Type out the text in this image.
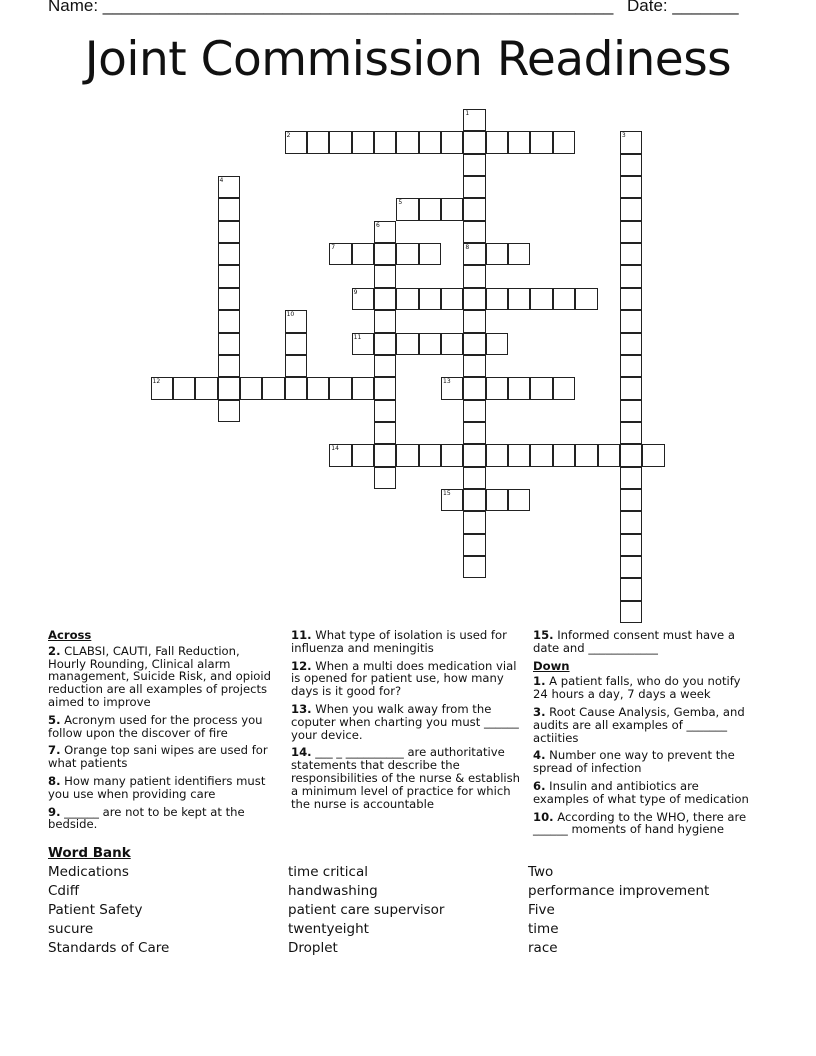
Name: ______________________________________________________ Date: _______
Joint Commission Readiness
1
8
2	3
4
5
6
7
9
10
11
12	13
14
15
Across
2. CLABSI, CAUTI, Fall Reduction, Hourly Rounding, Clinical alarm management, Suicide Risk, and opioid reduction are all examples of projects aimed to improve
5. Acronym used for the process you follow upon the discover of fire
7. Orange top sani wipes are used for what patients
8. How many patient identifiers must you use when providing care
9. ______ are not to be kept at the bedside.
11. What type of isolation is used for influenza and meningitis
12. When a multi does medication vial is opened for patient use, how many days is it good for?
13. When you walk away from the coputer when charting you must ______ your device.
14. ___ _ __________ are authoritative statements that describe the responsibilities of the nurse & establish a minimum level of practice for which the nurse is accountable
15. Informed consent must have a date and ____________
Down
1. A patient falls, who do you notify 24 hours a day, 7 days a week
3. Root Cause Analysis, Gemba, and audits are all examples of _______ actiities
4. Number one way to prevent the spread of infection
6. Insulin and antibiotics are examples of what type of medication
10. According to the WHO, there are ______ moments of hand hygiene
Word Bank
Medications
Cdiff
Patient Safety
sucure
Standards of Care
time critical
handwashing
patient care supervisor
twentyeight
Droplet
Two
performance improvement
Five
time
race
